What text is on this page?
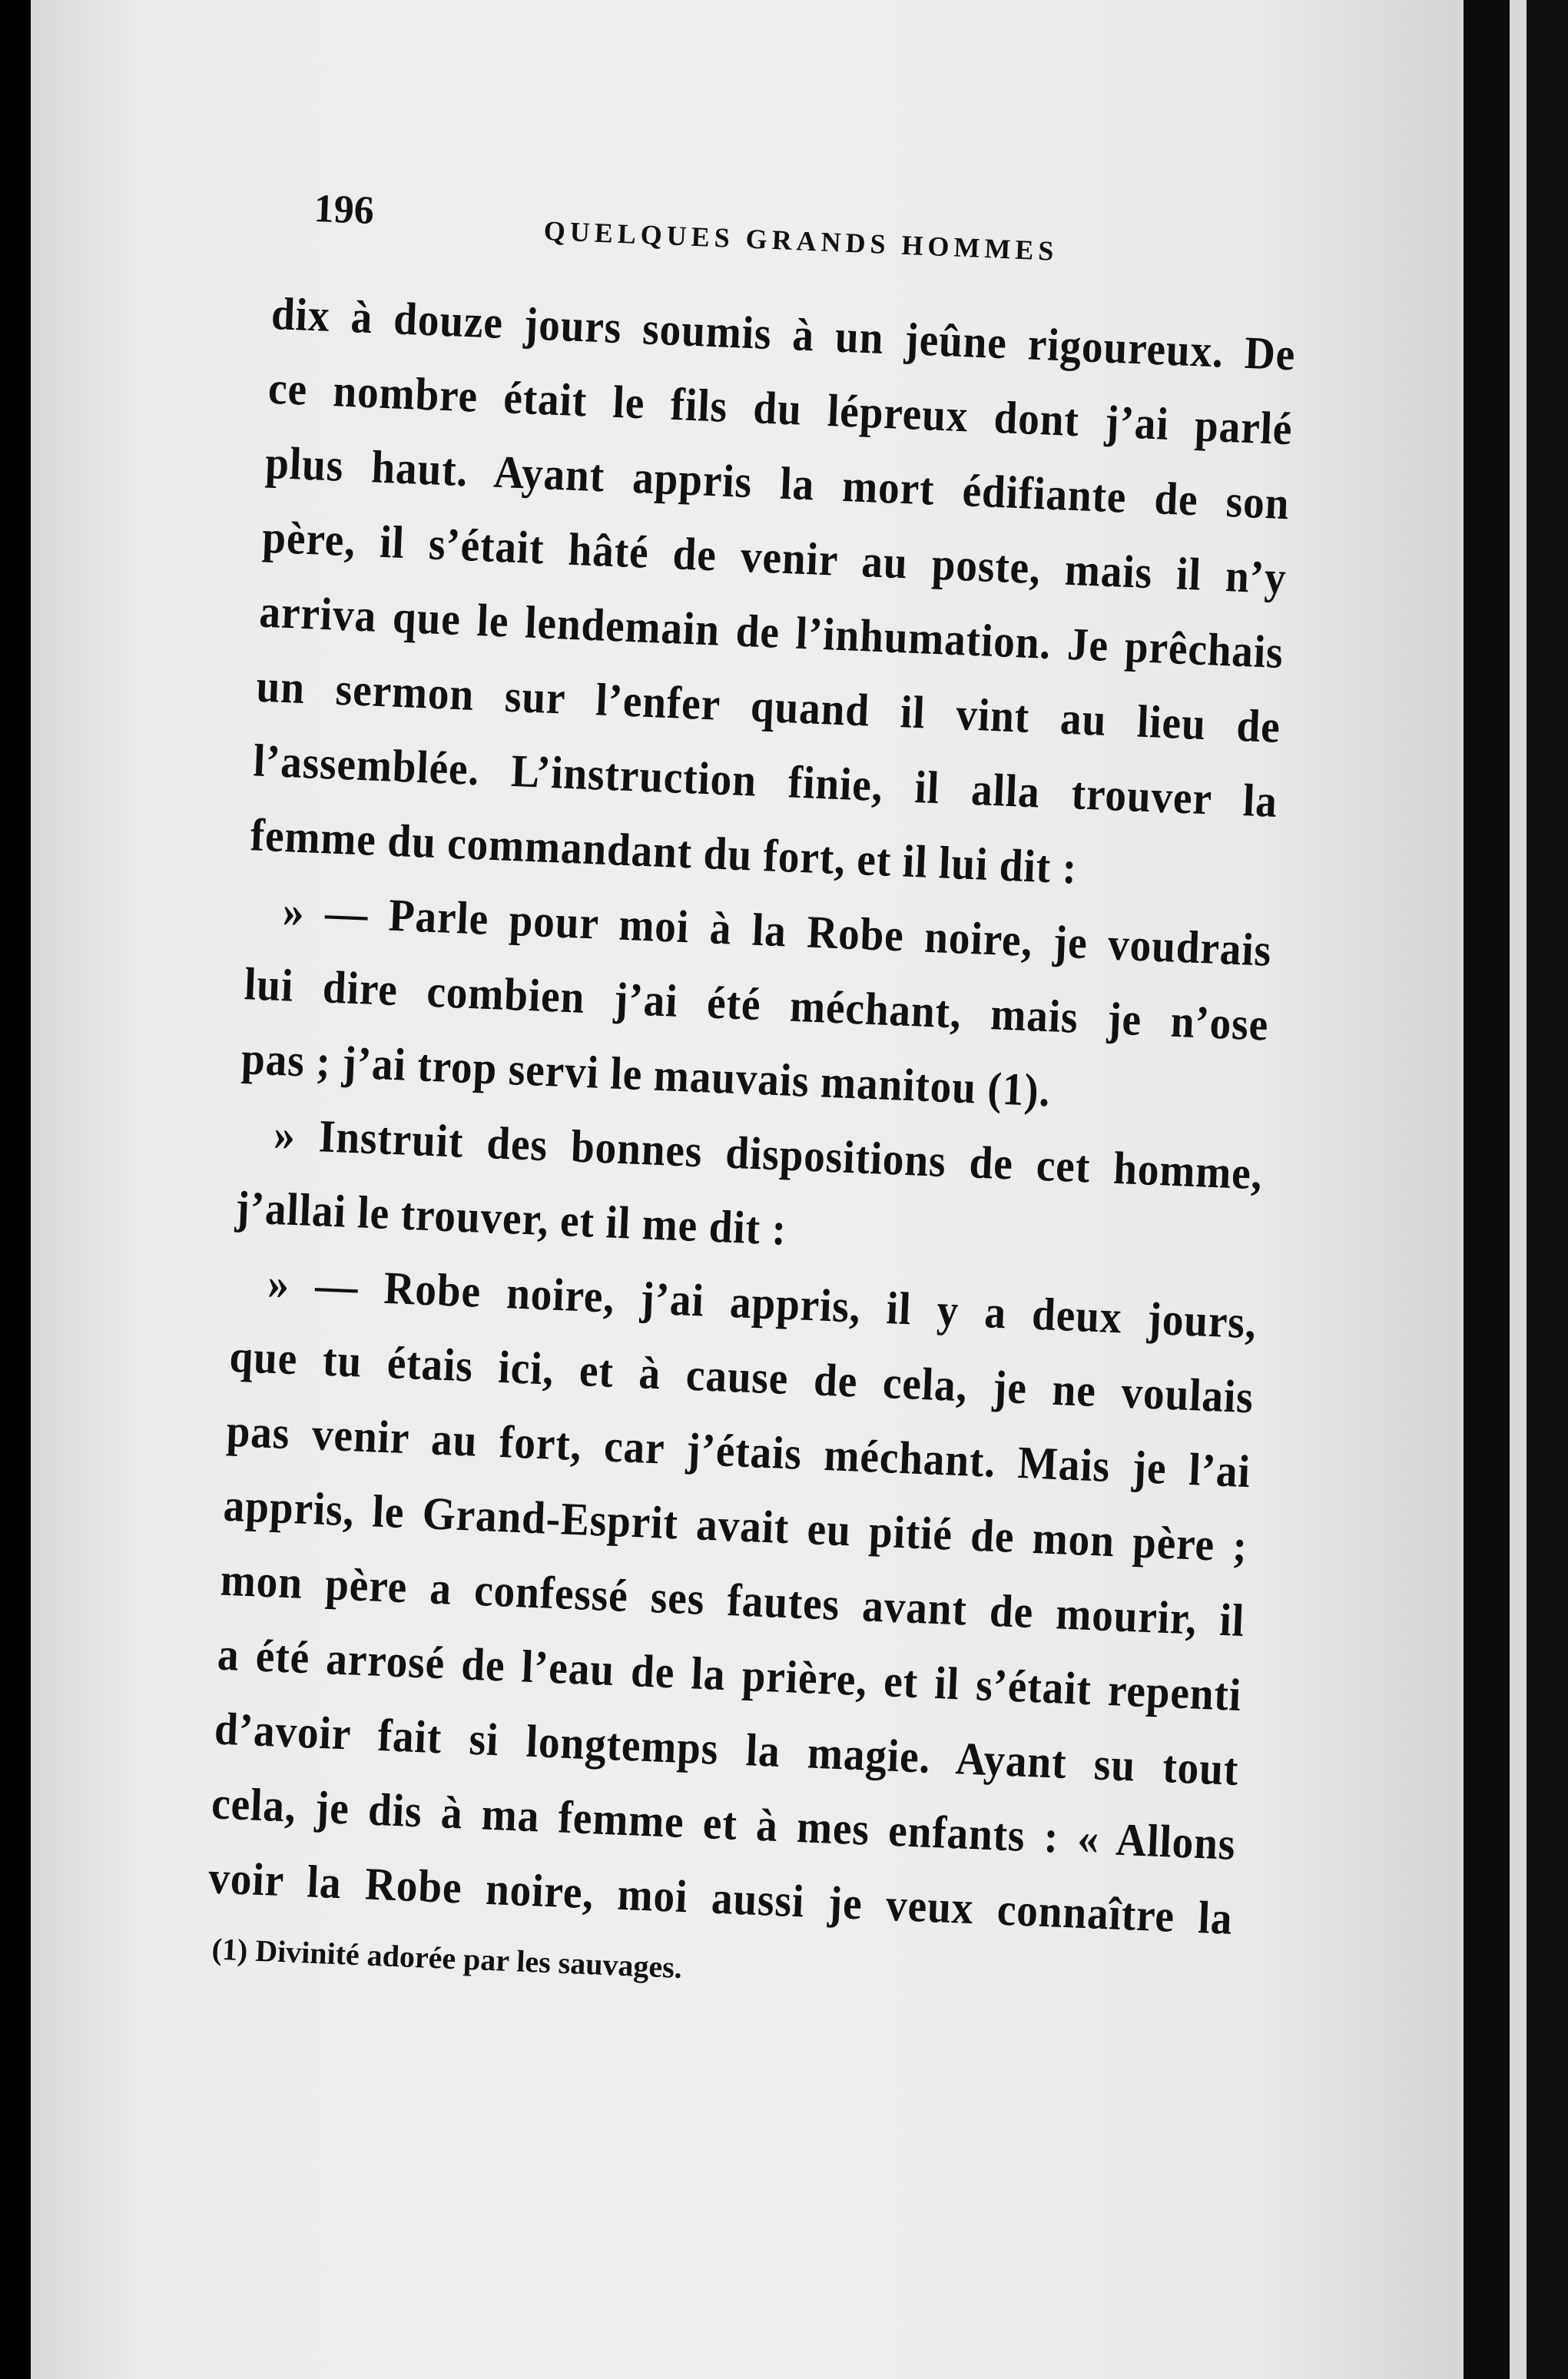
196
QUELQUES GRANDS HOMMES
dix à douze jours soumis à un jeûne rigoureux. De
ce nombre était le fils du lépreux dont j’ai parlé
plus haut. Ayant appris la mort édifiante de son
père, il s’était hâté de venir au poste, mais il n’y
arriva que le lendemain de l’inhumation. Je prêchais
un sermon sur l’enfer quand il vint au lieu de
l’assemblée. L’instruction finie, il alla trouver la
femme du commandant du fort, et il lui dit :
» — Parle pour moi à la Robe noire, je voudrais
lui dire combien j’ai été méchant, mais je n’ose
pas ; j’ai trop servi le mauvais manitou (1).
» Instruit des bonnes dispositions de cet homme,
j’allai le trouver, et il me dit :
» — Robe noire, j’ai appris, il y a deux jours,
que tu étais ici, et à cause de cela, je ne voulais
pas venir au fort, car j’étais méchant. Mais je l’ai
appris, le Grand-Esprit avait eu pitié de mon père ;
mon père a confessé ses fautes avant de mourir, il
a été arrosé de l’eau de la prière, et il s’était repenti
d’avoir fait si longtemps la magie. Ayant su tout
cela, je dis à ma femme et à mes enfants : « Allons
voir la Robe noire, moi aussi je veux connaître la
(1) Divinité adorée par les sauvages.
